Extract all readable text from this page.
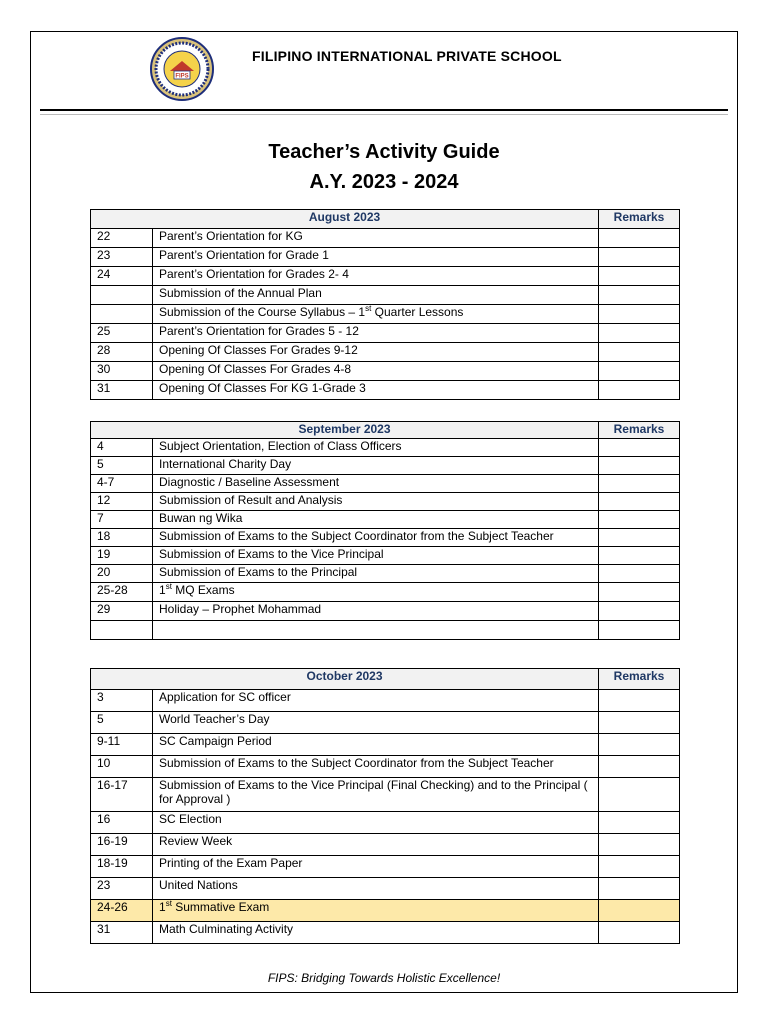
FIPS
FILIPINO INTERNATIONAL PRIVATE SCHOOL
Teacher’s Activity Guide
A.Y. 2023 - 2024
August 2023		Remarks
22	Parent’s Orientation for KG	
23	Parent’s Orientation for Grade 1	
24	Parent’s Orientation for Grades 2- 4	
	Submission of the Annual Plan	
	Submission of the Course Syllabus – 1st Quarter Lessons	
25	Parent’s Orientation for Grades 5 - 12	
28	Opening Of Classes For Grades 9-12	
30	Opening Of Classes For Grades 4-8	
31	Opening Of Classes For KG 1-Grade 3	
September 2023		Remarks
4	Subject Orientation, Election of Class Officers	
5	International Charity Day	
4-7	Diagnostic / Baseline Assessment	
12	Submission of Result and Analysis	
7	Buwan ng Wika	
18	Submission of Exams to the Subject Coordinator from the Subject Teacher	
19	Submission of Exams to the Vice Principal	
20	Submission of Exams to the Principal	
25-28	1st MQ Exams	
29	Holiday – Prophet Mohammad	

October 2023		Remarks
3	Application for SC officer	
5	World Teacher’s Day	
9-11	SC Campaign Period	
10	Submission of Exams to the Subject Coordinator from the Subject Teacher	
16-17	Submission of Exams to the Vice Principal (Final Checking) and to the Principal ( for Approval )	
16	SC Election	
16-19	Review Week	
18-19	Printing of the Exam Paper	
23	United Nations	
24-26	1st Summative Exam	
31	Math Culminating Activity	
FIPS: Bridging Towards Holistic Excellence!
